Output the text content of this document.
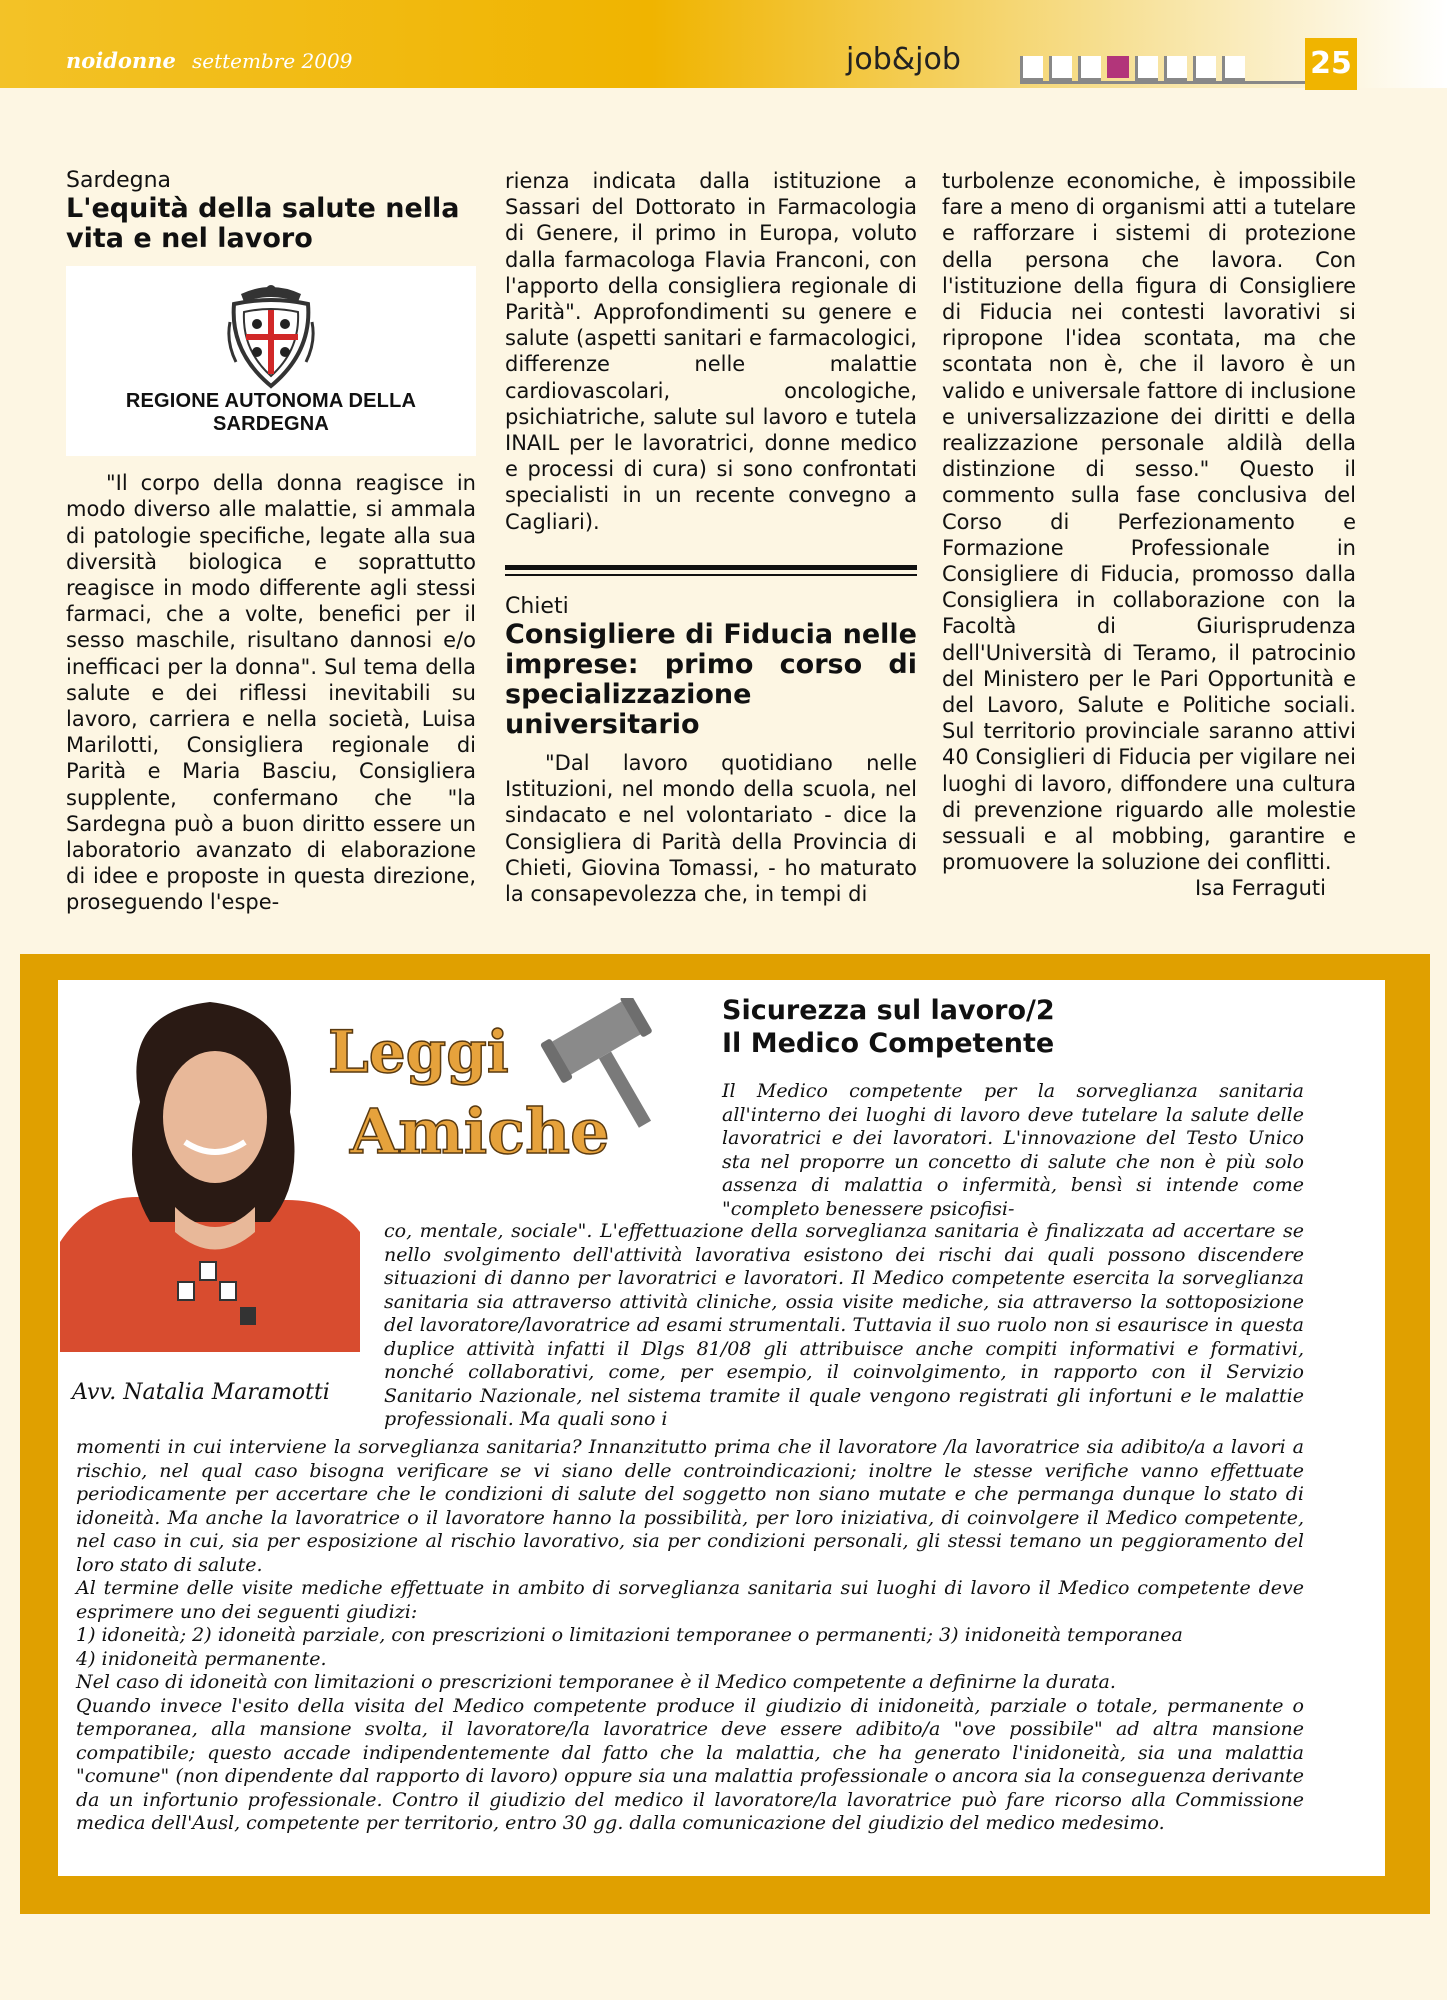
noidonne settembre 2009	job&job	25

Sardegna

L'equità della salute nella vita e nel lavoro

REGIONE AUTONOMA DELLA SARDEGNA

"Il corpo della donna reagisce in modo diverso alle malattie, si ammala di patologie specifiche, legate alla sua diversità biologica e soprattutto reagisce in modo differente agli stessi farmaci, che a volte, benefici per il sesso maschile, risultano dannosi e/o inefficaci per la donna". Sul tema della salute e dei riflessi inevitabili su lavoro, carriera e nella società, Luisa Marilotti, Consigliera regionale di Parità e Maria Basciu, Consigliera supplente, confermano che "la Sardegna può a buon diritto essere un laboratorio avanzato di elaborazione di idee e proposte in questa direzione, proseguendo l'espe-

rienza indicata dalla istituzione a Sassari del Dottorato in Farmacologia di Genere, il primo in Europa, voluto dalla farmacologa Flavia Franconi, con l'apporto della consigliera regionale di Parità". Approfondimenti su genere e salute (aspetti sanitari e farmacologici, differenze nelle malattie cardiovascolari, oncologiche, psichiatriche, salute sul lavoro e tutela INAIL per le lavoratrici, donne medico e processi di cura) si sono confrontati specialisti in un recente convegno a Cagliari).

Chieti

Consigliere di Fiducia nelle imprese: primo corso di specializzazione universitario

"Dal lavoro quotidiano nelle Istituzioni, nel mondo della scuola, nel sindacato e nel volontariato - dice la Consigliera di Parità della Provincia di Chieti, Giovina Tomassi, - ho maturato la consapevolezza che, in tempi di

turbolenze economiche, è impossibile fare a meno di organismi atti a tutelare e rafforzare i sistemi di protezione della persona che lavora. Con l'istituzione della figura di Consigliere di Fiducia nei contesti lavorativi si ripropone l'idea scontata, ma che scontata non è, che il lavoro è un valido e universale fattore di inclusione e universalizzazione dei diritti e della realizzazione personale aldilà della distinzione di sesso." Questo il commento sulla fase conclusiva del Corso di Perfezionamento e Formazione Professionale in Consigliere di Fiducia, promosso dalla Consigliera in collaborazione con la Facoltà di Giurisprudenza dell'Università di Teramo, il patrocinio del Ministero per le Pari Opportunità e del Lavoro, Salute e Politiche sociali. Sul territorio provinciale saranno attivi 40 Consiglieri di Fiducia per vigilare nei luoghi di lavoro, diffondere una cultura di prevenzione riguardo alle molestie sessuali e al mobbing, garantire e promuovere la soluzione dei conflitti.

Isa Ferraguti

Avv. Natalia Maramotti
Leggi
Amiche
Sicurezza sul lavoro/2
Il Medico Competente

Il Medico competente per la sorveglianza sanitaria all'interno dei luoghi di lavoro deve tutelare la salute delle lavoratrici e dei lavoratori. L'innovazione del Testo Unico sta nel proporre un concetto di salute che non è più solo assenza di malattia o infermità, bensì si intende come "completo benessere psicofisi-

co, mentale, sociale". L'effettuazione della sorveglianza sanitaria è finalizzata ad accertare se nello svolgimento dell'attività lavorativa esistono dei rischi dai quali possono discendere situazioni di danno per lavoratrici e lavoratori. Il Medico competente esercita la sorveglianza sanitaria sia attraverso attività cliniche, ossia visite mediche, sia attraverso la sottoposizione del lavoratore/lavoratrice ad esami strumentali. Tuttavia il suo ruolo non si esaurisce in questa duplice attività infatti il Dlgs 81/08 gli attribuisce anche compiti informativi e formativi, nonché collaborativi, come, per esempio, il coinvolgimento, in rapporto con il Servizio Sanitario Nazionale, nel sistema tramite il quale vengono registrati gli infortuni e le malattie professionali. Ma quali sono i

momenti in cui interviene la sorveglianza sanitaria? Innanzitutto prima che il lavoratore /la lavoratrice sia adibito/a a lavori a rischio, nel qual caso bisogna verificare se vi siano delle controindicazioni; inoltre le stesse verifiche vanno effettuate periodicamente per accertare che le condizioni di salute del soggetto non siano mutate e che permanga dunque lo stato di idoneità. Ma anche la lavoratrice o il lavoratore hanno la possibilità, per loro iniziativa, di coinvolgere il Medico competente, nel caso in cui, sia per esposizione al rischio lavorativo, sia per condizioni personali, gli stessi temano un peggioramento del loro stato di salute.

Al termine delle visite mediche effettuate in ambito di sorveglianza sanitaria sui luoghi di lavoro il Medico competente deve esprimere uno dei seguenti giudizi:

1) idoneità; 2) idoneità parziale, con prescrizioni o limitazioni temporanee o permanenti; 3) inidoneità temporanea

4) inidoneità permanente.

Nel caso di idoneità con limitazioni o prescrizioni temporanee è il Medico competente a definirne la durata.

Quando invece l'esito della visita del Medico competente produce il giudizio di inidoneità, parziale o totale, permanente o temporanea, alla mansione svolta, il lavoratore/la lavoratrice deve essere adibito/a "ove possibile" ad altra mansione compatibile; questo accade indipendentemente dal fatto che la malattia, che ha generato l'inidoneità, sia una malattia "comune" (non dipendente dal rapporto di lavoro) oppure sia una malattia professionale o ancora sia la conseguenza derivante da un infortunio professionale. Contro il giudizio del medico il lavoratore/la lavoratrice può fare ricorso alla Commissione medica dell'Ausl, competente per territorio, entro 30 gg. dalla comunicazione del giudizio del medico medesimo.
